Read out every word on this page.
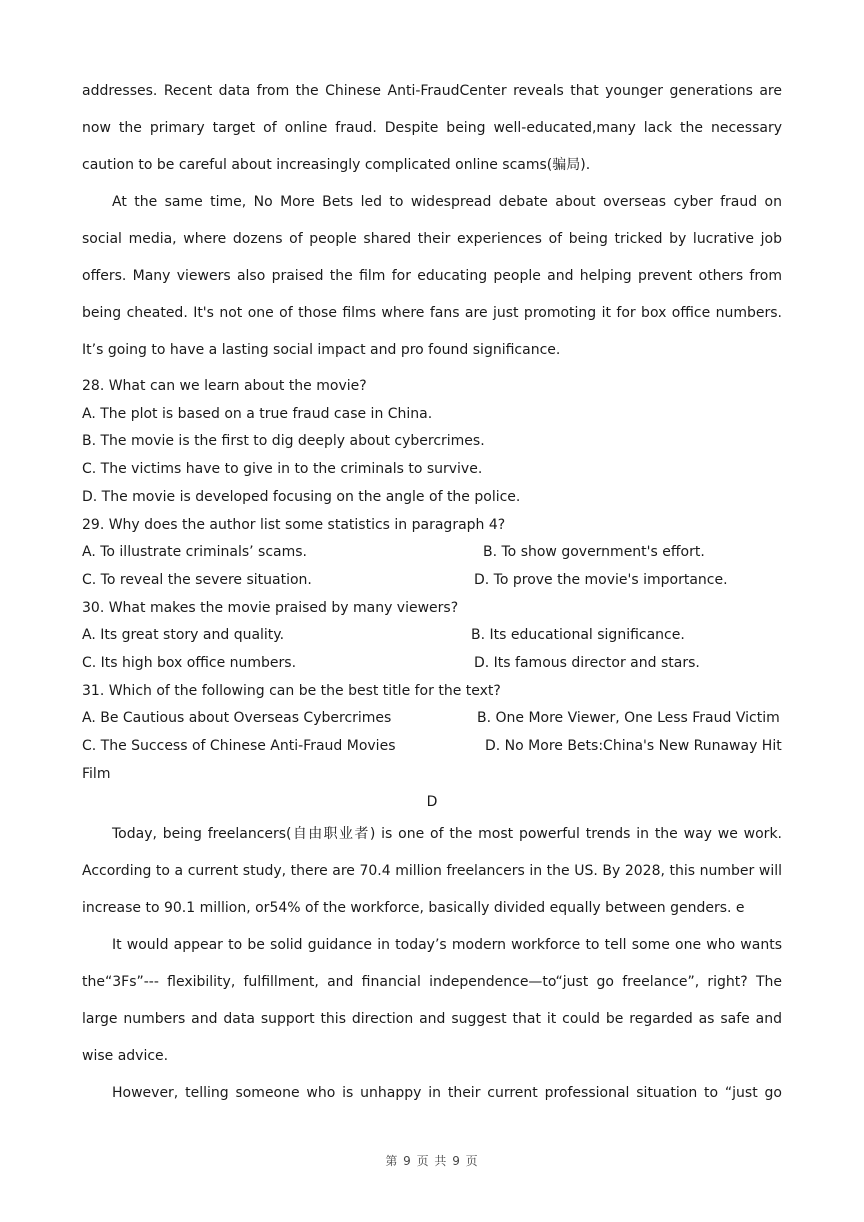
addresses. Recent data from the Chinese Anti-FraudCenter reveals that younger generations are now the primary target of online fraud. Despite being well-educated,many lack the necessary caution to be careful about increasingly complicated online scams(骗局).

At the same time, No More Bets led to widespread debate about overseas cyber fraud on social media, where dozens of people shared their experiences of being tricked by lucrative job offers. Many viewers also praised the film for educating people and helping prevent others from being cheated. It's not one of those films where fans are just promoting it for box office numbers. It’s going to have a lasting social impact and pro found significance.

28. What can we learn about the movie?

A. The plot is based on a true fraud case in China.

B. The movie is the first to dig deeply about cybercrimes.

C. The victims have to give in to the criminals to survive.

D. The movie is developed focusing on the angle of the police.

29. Why does the author list some statistics in paragraph 4?

A. To illustrate criminals’ scams.

	B. To show government's effort.

C. To reveal the severe situation.

	D. To prove the movie's importance.

30. What makes the movie praised by many viewers?

A. Its great story and quality.

	B. Its educational significance.

C. Its high box office numbers.

	D. Its famous director and stars.

31. Which of the following can be the best title for the text?

A. Be Cautious about Overseas Cybercrimes

	B. One More Viewer, One Less Fraud Victim

C. The Success of Chinese Anti-Fraud Movies

	D. No More Bets:China's New Runaway Hit

Film

D

Today, being freelancers(自由职业者) is one of the most powerful trends in the way we work. According to a current study, there are 70.4 million freelancers in the US. By 2028, this number will increase to 90.1 million, or54% of the workforce, basically divided equally between genders. e

It would appear to be solid guidance in today’s modern workforce to tell some one who wants the“3Fs”--- flexibility, fulfillment, and financial independence—to“just go freelance”, right? The large numbers and data support this direction and suggest that it could be regarded as safe and wise advice.

However, telling someone who is unhappy in their current professional situation to “just go

第 9 页 共 9 页
